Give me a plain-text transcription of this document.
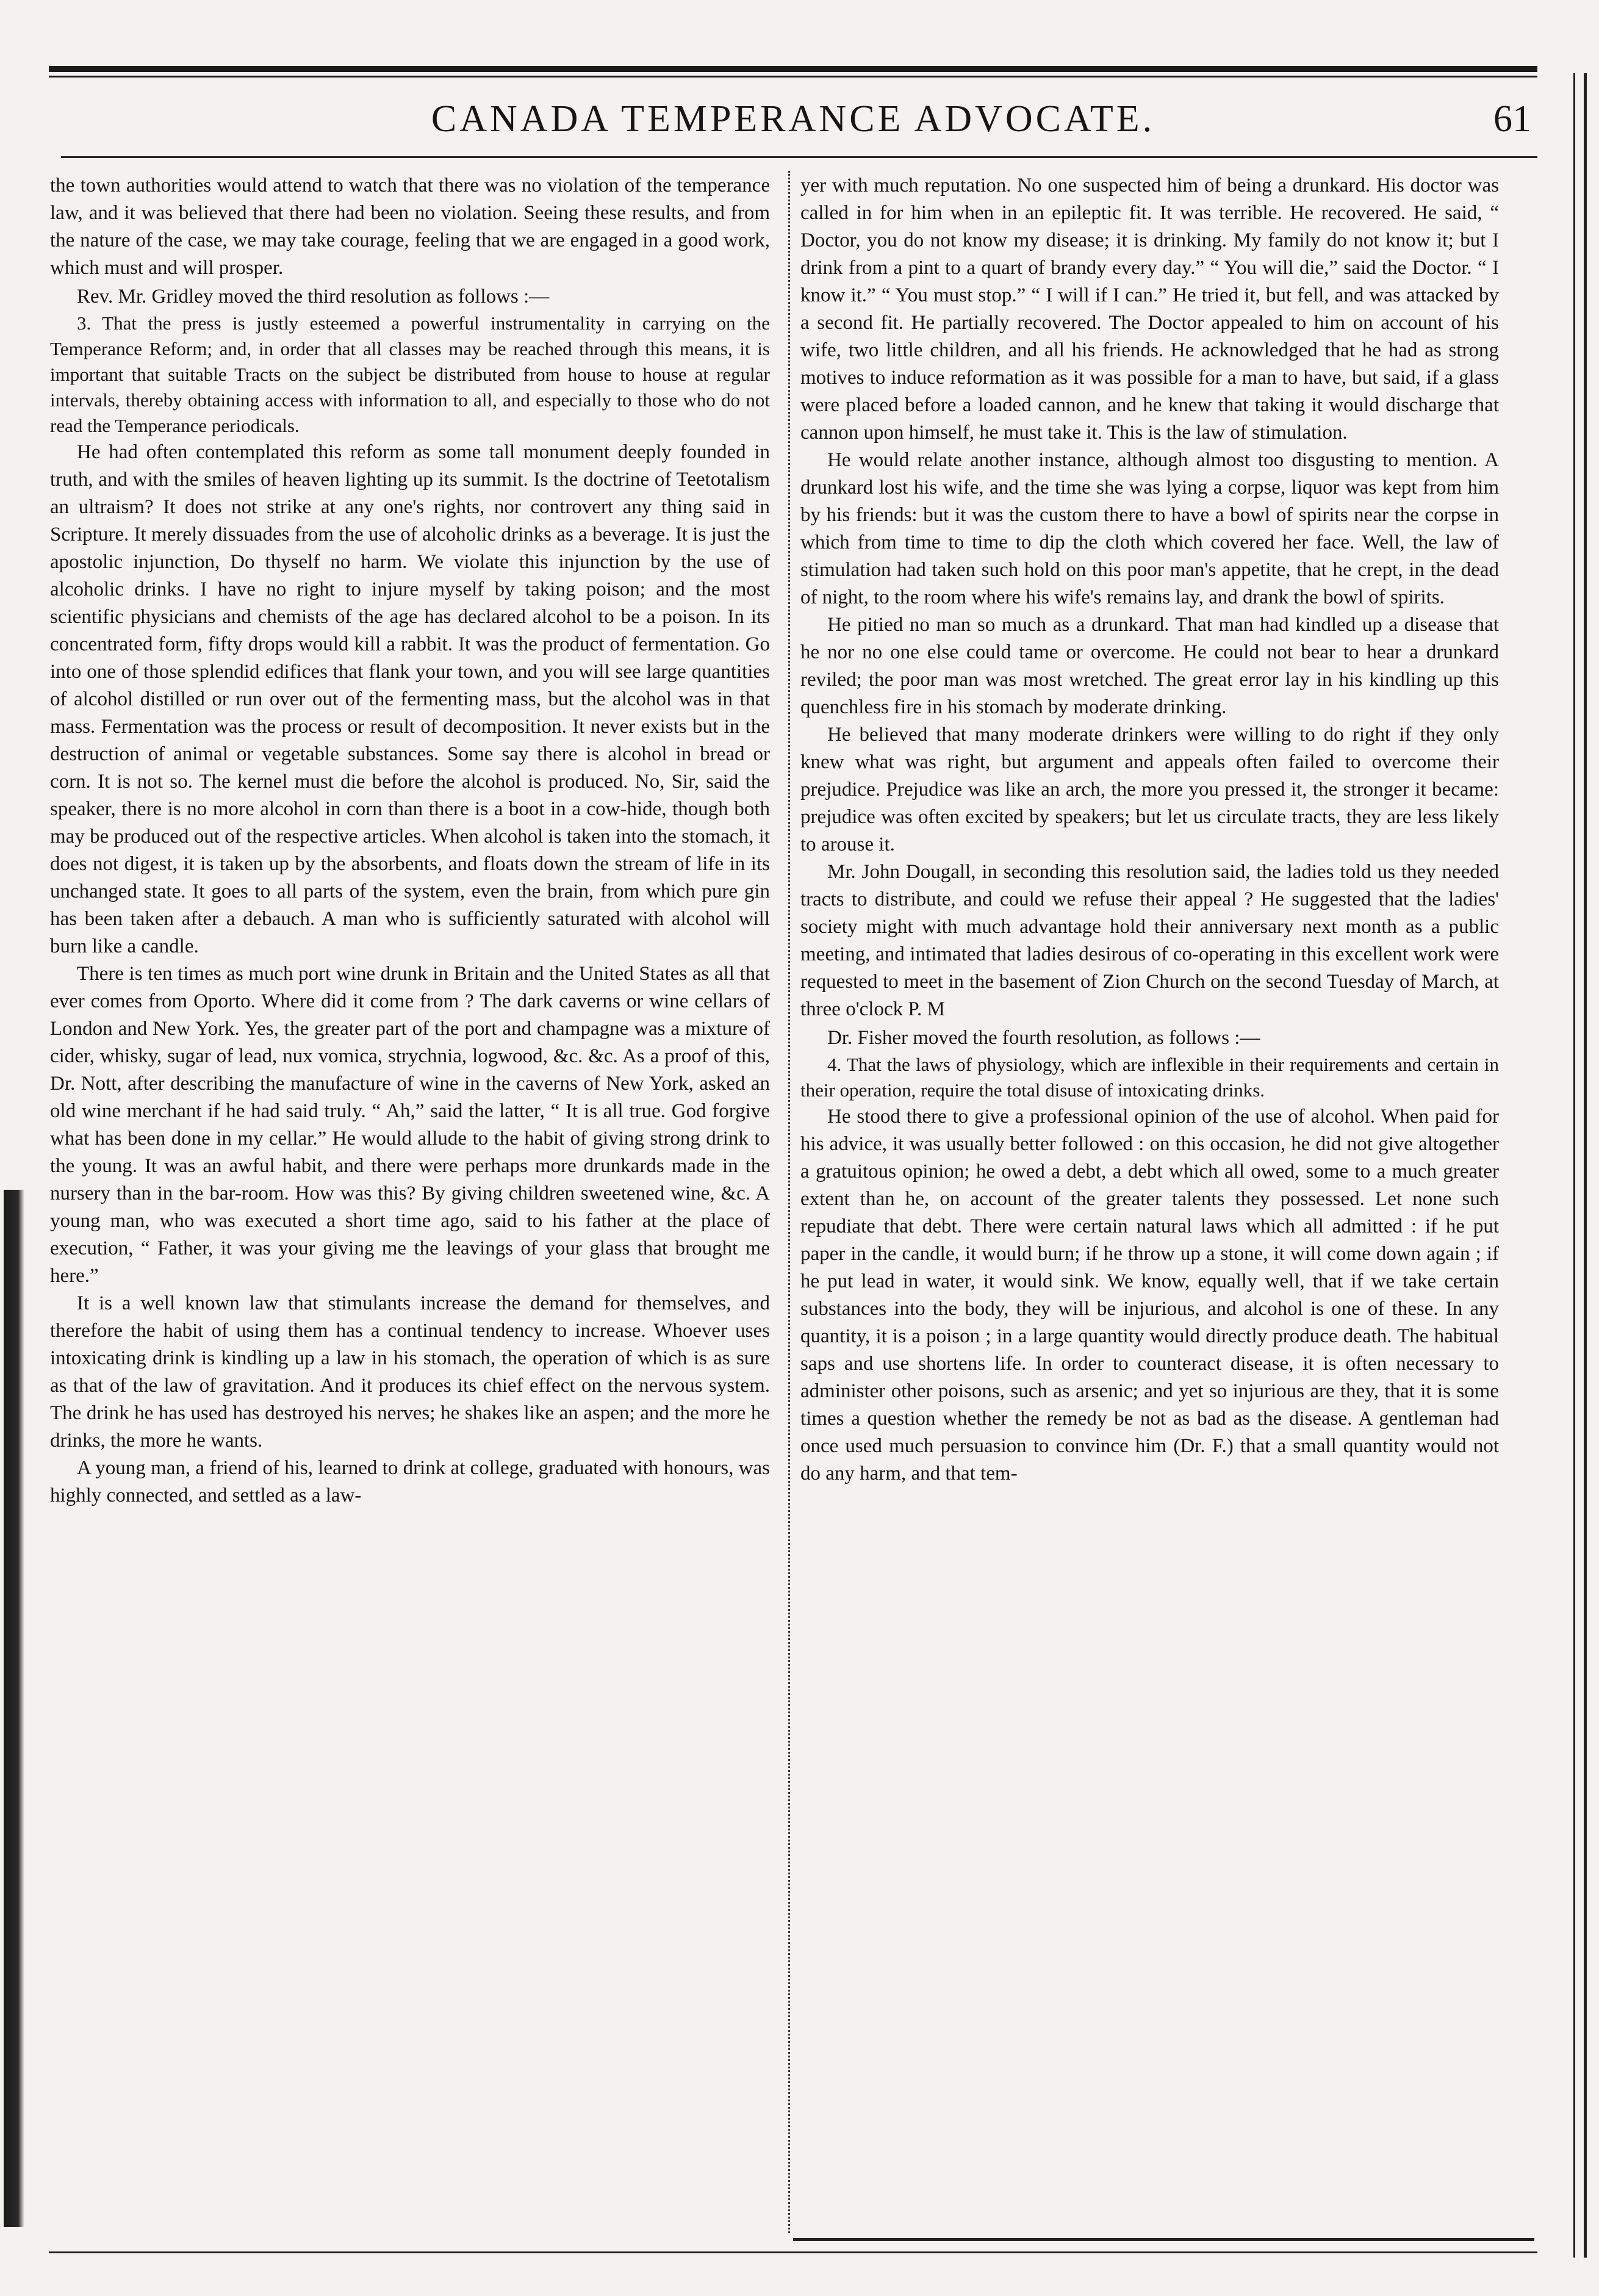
CANADA TEMPERANCE ADVOCATE.	61

the town authorities would attend to watch that there was no violation of the temperance law, and it was believed that there had been no violation. Seeing these results, and from the nature of the case, we may take courage, feeling that we are engaged in a good work, which must and will prosper.

Rev. Mr. Gridley moved the third resolution as follows :—

3. That the press is justly esteemed a powerful instrumentality in carrying on the Temperance Reform; and, in order that all classes may be reached through this means, it is important that suitable Tracts on the subject be distributed from house to house at regular intervals, thereby obtaining access with information to all, and especially to those who do not read the Temperance periodicals.

He had often contemplated this reform as some tall monument deeply founded in truth, and with the smiles of heaven lighting up its summit. Is the doctrine of Teetotalism an ultraism? It does not strike at any one's rights, nor controvert any thing said in Scripture. It merely dissuades from the use of alcoholic drinks as a beverage. It is just the apostolic injunction, Do thyself no harm. We violate this injunction by the use of alcoholic drinks. I have no right to injure myself by taking poison; and the most scientific physicians and chemists of the age has declared alcohol to be a poison. In its concentrated form, fifty drops would kill a rabbit. It was the product of fermentation. Go into one of those splendid edifices that flank your town, and you will see large quantities of alcohol distilled or run over out of the fermenting mass, but the alcohol was in that mass. Fermentation was the process or result of decomposition. It never exists but in the destruction of animal or vegetable substances. Some say there is alcohol in bread or corn. It is not so. The kernel must die before the alcohol is produced. No, Sir, said the speaker, there is no more alcohol in corn than there is a boot in a cow-hide, though both may be produced out of the respective articles. When alcohol is taken into the stomach, it does not digest, it is taken up by the absorbents, and floats down the stream of life in its unchanged state. It goes to all parts of the system, even the brain, from which pure gin has been taken after a debauch. A man who is sufficiently saturated with alcohol will burn like a candle.

There is ten times as much port wine drunk in Britain and the United States as all that ever comes from Oporto. Where did it come from ? The dark caverns or wine cellars of London and New York. Yes, the greater part of the port and champagne was a mixture of cider, whisky, sugar of lead, nux vomica, strychnia, logwood, &c. &c. As a proof of this, Dr. Nott, after describing the manufacture of wine in the caverns of New York, asked an old wine merchant if he had said truly. “ Ah,” said the latter, “ It is all true. God forgive what has been done in my cellar.” He would allude to the habit of giving strong drink to the young. It was an awful habit, and there were perhaps more drunkards made in the nursery than in the bar-room. How was this? By giving children sweetened wine, &c. A young man, who was executed a short time ago, said to his father at the place of execution, “ Father, it was your giving me the leavings of your glass that brought me here.”

It is a well known law that stimulants increase the demand for themselves, and therefore the habit of using them has a continual tendency to increase. Whoever uses intoxicating drink is kindling up a law in his stomach, the operation of which is as sure as that of the law of gravitation. And it produces its chief effect on the nervous system. The drink he has used has destroyed his nerves; he shakes like an aspen; and the more he drinks, the more he wants.

A young man, a friend of his, learned to drink at college, graduated with honours, was highly connected, and settled as a law-

yer with much reputation. No one suspected him of being a drunkard. His doctor was called in for him when in an epileptic fit. It was terrible. He recovered. He said, “ Doctor, you do not know my disease; it is drinking. My family do not know it; but I drink from a pint to a quart of brandy every day.” “ You will die,” said the Doctor. “ I know it.” “ You must stop.” “ I will if I can.” He tried it, but fell, and was attacked by a second fit. He partially recovered. The Doctor appealed to him on account of his wife, two little children, and all his friends. He acknowledged that he had as strong motives to induce reformation as it was possible for a man to have, but said, if a glass were placed before a loaded cannon, and he knew that taking it would discharge that cannon upon himself, he must take it. This is the law of stimulation.

He would relate another instance, although almost too disgusting to mention. A drunkard lost his wife, and the time she was lying a corpse, liquor was kept from him by his friends: but it was the custom there to have a bowl of spirits near the corpse in which from time to time to dip the cloth which covered her face. Well, the law of stimulation had taken such hold on this poor man's appetite, that he crept, in the dead of night, to the room where his wife's remains lay, and drank the bowl of spirits.

He pitied no man so much as a drunkard. That man had kindled up a disease that he nor no one else could tame or overcome. He could not bear to hear a drunkard reviled; the poor man was most wretched. The great error lay in his kindling up this quenchless fire in his stomach by moderate drinking.

He believed that many moderate drinkers were willing to do right if they only knew what was right, but argument and appeals often failed to overcome their prejudice. Prejudice was like an arch, the more you pressed it, the stronger it became: prejudice was often excited by speakers; but let us circulate tracts, they are less likely to arouse it.

Mr. John Dougall, in seconding this resolution said, the ladies told us they needed tracts to distribute, and could we refuse their appeal ? He suggested that the ladies' society might with much advantage hold their anniversary next month as a public meeting, and intimated that ladies desirous of co-operating in this excellent work were requested to meet in the basement of Zion Church on the second Tuesday of March, at three o'clock P. M

Dr. Fisher moved the fourth resolution, as follows :—

4. That the laws of physiology, which are inflexible in their requirements and certain in their operation, require the total disuse of intoxicating drinks.

He stood there to give a professional opinion of the use of alcohol. When paid for his advice, it was usually better followed : on this occasion, he did not give altogether a gratuitous opinion; he owed a debt, a debt which all owed, some to a much greater extent than he, on account of the greater talents they possessed. Let none such repudiate that debt. There were certain natural laws which all admitted : if he put paper in the candle, it would burn; if he throw up a stone, it will come down again ; if he put lead in water, it would sink. We know, equally well, that if we take certain substances into the body, they will be injurious, and alcohol is one of these. In any quantity, it is a poison ; in a large quantity would directly produce death. The habitual saps and use shortens life. In order to counteract disease, it is often necessary to administer other poisons, such as arsenic; and yet so injurious are they, that it is some times a question whether the remedy be not as bad as the disease. A gentleman had once used much persuasion to convince him (Dr. F.) that a small quantity would not do any harm, and that tem-
